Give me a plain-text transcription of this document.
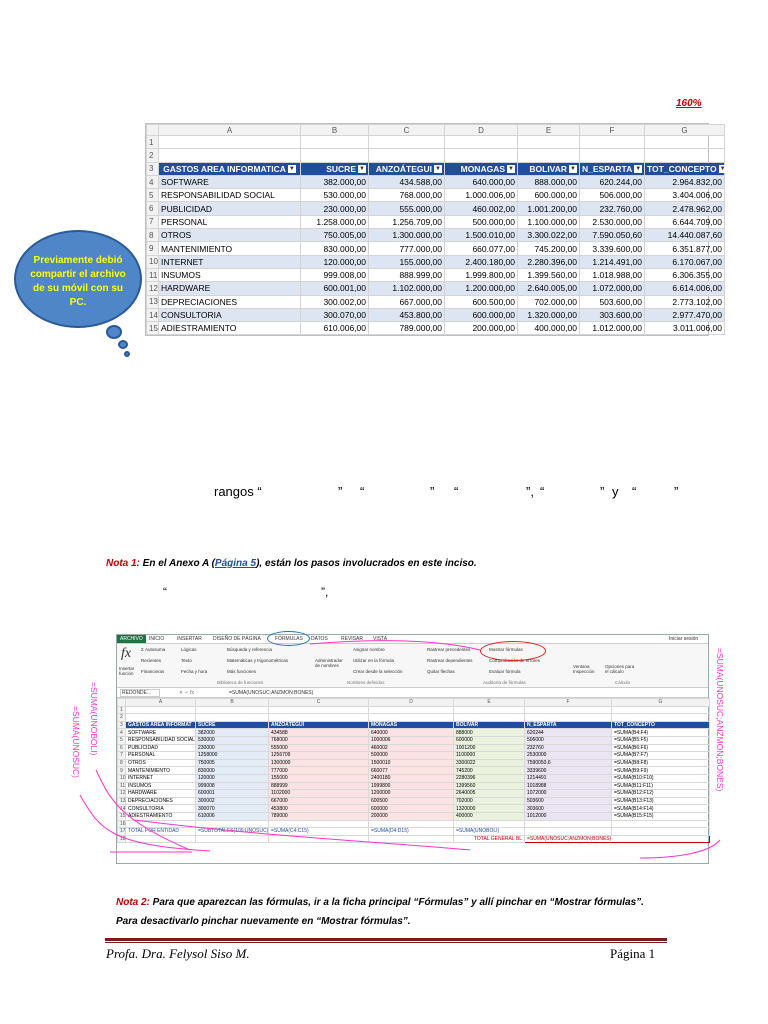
160%
	A	B	C	D	E	F	G
1							
2							
3	GASTOS AREA INFORMATICA ▼	SUCRE ▼	ANZOÁTEGUI ▼	MONAGAS ▼	BOLIVAR ▼	N_ESPARTA ▼	TOT_CONCEPTO ▼
4	SOFTWARE	382.000,00	434.588,00	640.000,00	888.000,00	620.244,00	2.964.832,00
5	RESPONSABILIDAD SOCIAL	530.000,00	768.000,00	1.000.006,00	600.000,00	506.000,00	3.404.006,00
6	PUBLICIDAD	230.000,00	555.000,00	460.002,00	1.001.200,00	232.760,00	2.478.962,00
7	PERSONAL	1.258.000,00	1.256.709,00	500.000,00	1.100.000,00	2.530.000,00	6.644.709,00
8	OTROS	750.005,00	1.300.000,00	1.500.010,00	3.300.022,00	7.590.050,60	14.440.087,60
9	MANTENIMIENTO	830.000,00	777.000,00	660.077,00	745.200,00	3.339.600,00	6.351.877,00
10	INTERNET	120.000,00	155.000,00	2.400.180,00	2.280.396,00	1.214.491,00	6.170.067,00
11	INSUMOS	999.008,00	888.999,00	1.999.800,00	1.399.560,00	1.018.988,00	6.306.355,00
12	HARDWARE	600.001,00	1.102.000,00	1.200.000,00	2.640.005,00	1.072.000,00	6.614.006,00
13	DEPRECIACIONES	300.002,00	667.000,00	600.500,00	702.000,00	503.600,00	2.773.102,00
14	CONSULTORIA	300.070,00	453.800,00	600.000,00	1.320.000,00	303.600,00	2.977.470,00
15	ADIESTRAMIENTO	610.006,00	789.000,00	200.000,00	400.000,00	1.012.000,00	3.011.006,00
Previamente debió compartir el archivo de su móvil con su PC.
rangos “	” “	” “	”, “	” y “	”
Nota 1: En el Anexo A (Página 5), están los pasos involucrados en este inciso.
“	”,
ARCHIVO	INICIO	INSERTAR DISEÑO DE PÁGINA	FÓRMULAS DATOS	REVISAR VISTA	Iniciar sesión
fx
Insertar función
Σ Autosuma
Recientes
Financieras
Lógicas
Texto
Fecha y hora
Búsqueda y referencia
Matemáticas y trigonométricas
Más funciones
Biblioteca de funciones
Administrador de nombres
Asignar nombre
Utilizar en la fórmula
Crear desde la selección
Nombres definidos
Rastrear precedentes
Rastrear dependientes
Quitar flechas
Mostrar fórmulas
Comprobación de errores
Evaluar fórmula
Auditoría de fórmulas
Ventana Inspección
Opciones para el cálculo
Cálculo
REDONDE...	✕ ✓ fx	=SUMA(UNOSUC:ANZMON:BONES)
	A	B	C	D	E	F	G
1							
2							
3	GASTOS AREA INFORMAT	SUCRE	ANZOÁTEGUI	MONAGAS	BOLIVAR	N_ESPARTA	TOT_CONCEPTO
4	SOFTWARE	382000	434588	640000	888000	620244	=SUMA(B4:F4)
5	RESPONSABILIDAD SOCIAL	530000	768000	1000006	600000	506000	=SUMA(B5:F5)
6	PUBLICIDAD	230000	555000	460002	1001200	232760	=SUMA(B6:F6)
7	PERSONAL	1258000	1256709	500000	1100000	2530000	=SUMA(B7:F7)
8	OTROS	750005	1300000	1500010	3300022	7590050,6	=SUMA(B8:F8)
9	MANTENIMIENTO	830000	777000	660077	745200	3339600	=SUMA(B9:F9)
10	INTERNET	120000	155000	2400180	2280396	1214491	=SUMA(B10:F10)
11	INSUMOS	999008	888999	1999800	1399560	1018988	=SUMA(B11:F11)
12	HARDWARE	600001	1102000	1200000	2640005	1072000	=SUMA(B12:F12)
13	DEPRECIACIONES	300002	667000	600500	702000	503600	=SUMA(B13:F13)
14	CONSULTORIA	300070	453800	600000	1320000	303600	=SUMA(B14:F14)
15	ADIESTRAMIENTO	610006	789000	200000	400000	1012000	=SUMA(B15:F15)
16							
17	TOTAL POR ENTIDAD	=SUBTOTALES(109;UNOSUC)	=SUMA(C4:C15)	=SUMA(D4:D15)	=SUMA(UNOBOLI)		
18					TOTAL GENERAL BL	=SUMA(UNOSUC;ANZMON;BONES)	
=SUMA(UNOBOLI)
=SUMA(UNOSUC)	=SUMA(UNOSUC;ANZMON;BONES)
Nota 2: Para que aparezcan las fórmulas, ir a la ficha principal “Fórmulas” y allí pinchar en “Mostrar fórmulas”. Para desactivarlo pinchar nuevamente en “Mostrar fórmulas”.
Profa. Dra. Felysol Siso M.	Página 1
